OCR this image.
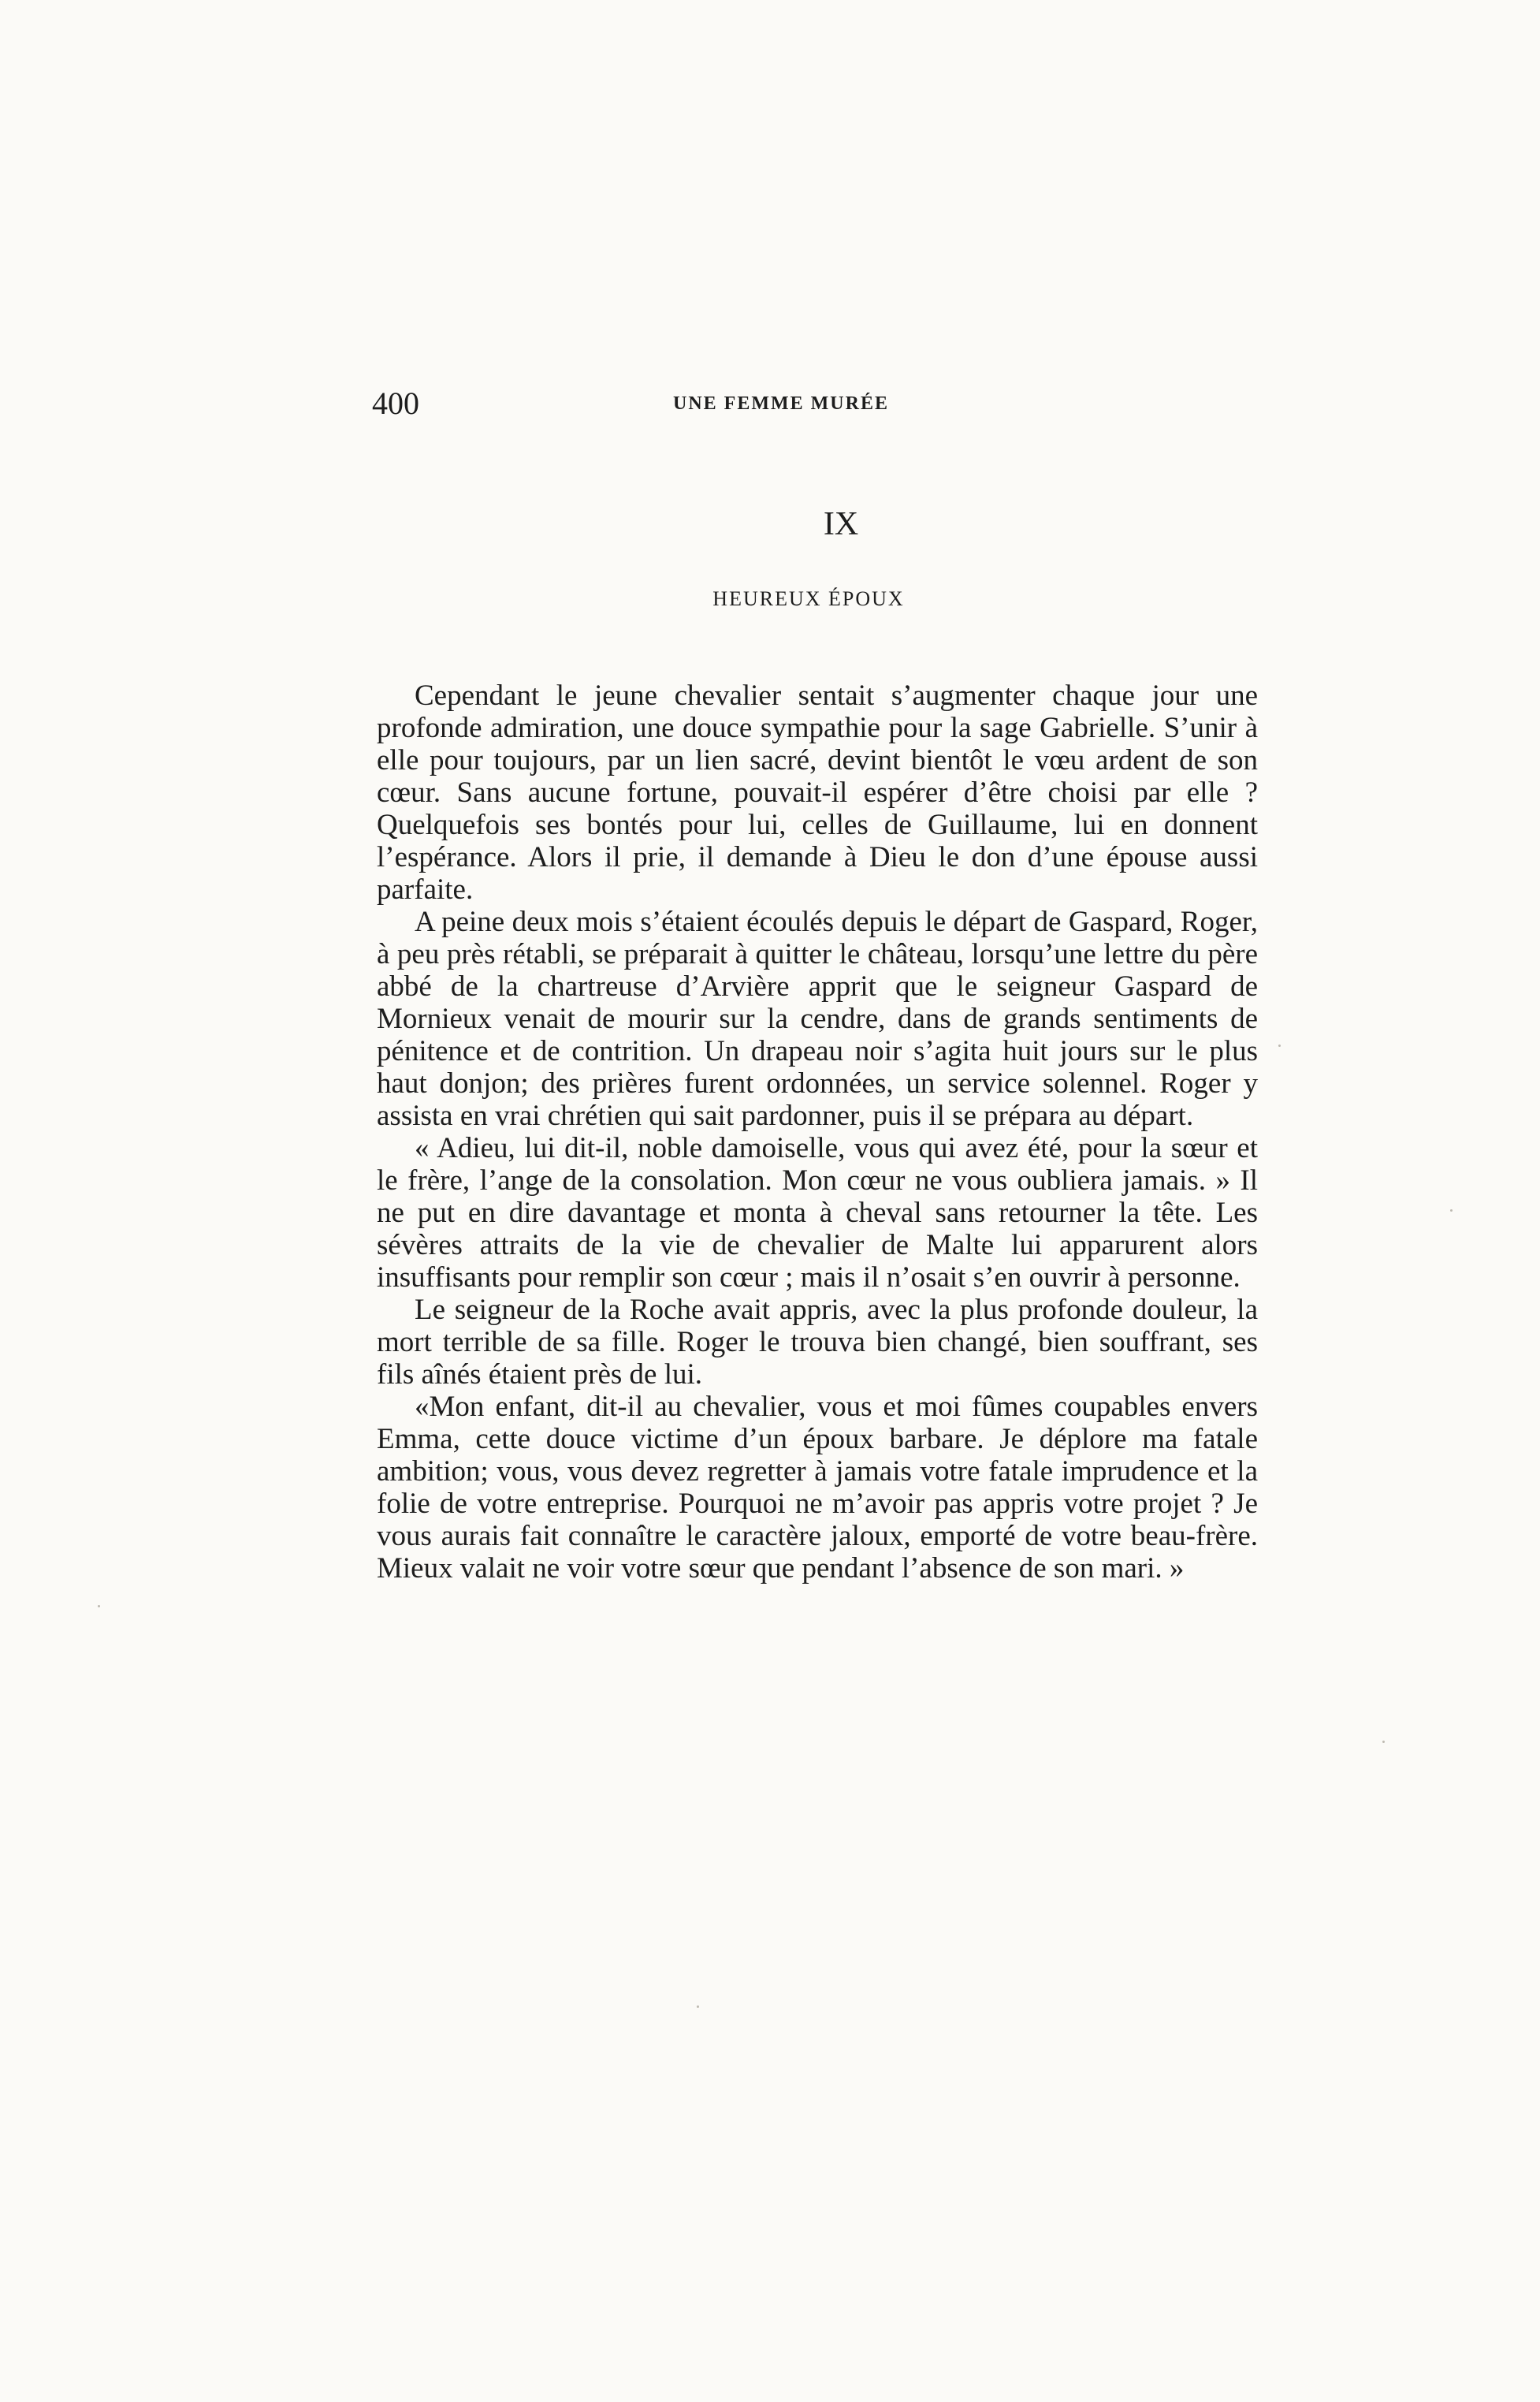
400	UNE FEMME MURÉE
IX
HEUREUX ÉPOUX

Cependant le jeune chevalier sentait s’augmenter chaque jour une profonde admiration, une douce sympathie pour la sage Gabrielle. S’unir à elle pour toujours, par un lien sacré, devint bientôt le vœu ardent de son cœur. Sans aucune fortune, pouvait-il espérer d’être choisi par elle ? Quelquefois ses bontés pour lui, celles de Guillaume, lui en donnent l’espérance. Alors il prie, il demande à Dieu le don d’une épouse aussi parfaite.

A peine deux mois s’étaient écoulés depuis le départ de Gaspard, Roger, à peu près rétabli, se préparait à quitter le château, lorsqu’une lettre du père abbé de la chartreuse d’Arvière apprit que le seigneur Gaspard de Mornieux venait de mourir sur la cendre, dans de grands sentiments de pénitence et de contrition. Un drapeau noir s’agita huit jours sur le plus haut donjon; des prières furent ordonnées, un service solennel. Roger y assista en vrai chrétien qui sait pardonner, puis il se prépara au départ.

« Adieu, lui dit-il, noble damoiselle, vous qui avez été, pour la sœur et le frère, l’ange de la consolation. Mon cœur ne vous oubliera jamais. » Il ne put en dire davantage et monta à cheval sans retourner la tête. Les sévères attraits de la vie de chevalier de Malte lui apparurent alors insuffisants pour remplir son cœur ; mais il n’osait s’en ouvrir à personne.

Le seigneur de la Roche avait appris, avec la plus profonde douleur, la mort terrible de sa fille. Roger le trouva bien changé, bien souffrant, ses fils aînés étaient près de lui.

«Mon enfant, dit-il au chevalier, vous et moi fûmes coupables envers Emma, cette douce victime d’un époux barbare. Je déplore ma fatale ambition; vous, vous devez regretter à jamais votre fatale imprudence et la folie de votre entreprise. Pourquoi ne m’avoir pas appris votre projet ? Je vous aurais fait connaître le caractère jaloux, emporté de votre beau-frère. Mieux valait ne voir votre sœur que pendant l’absence de son mari. »
